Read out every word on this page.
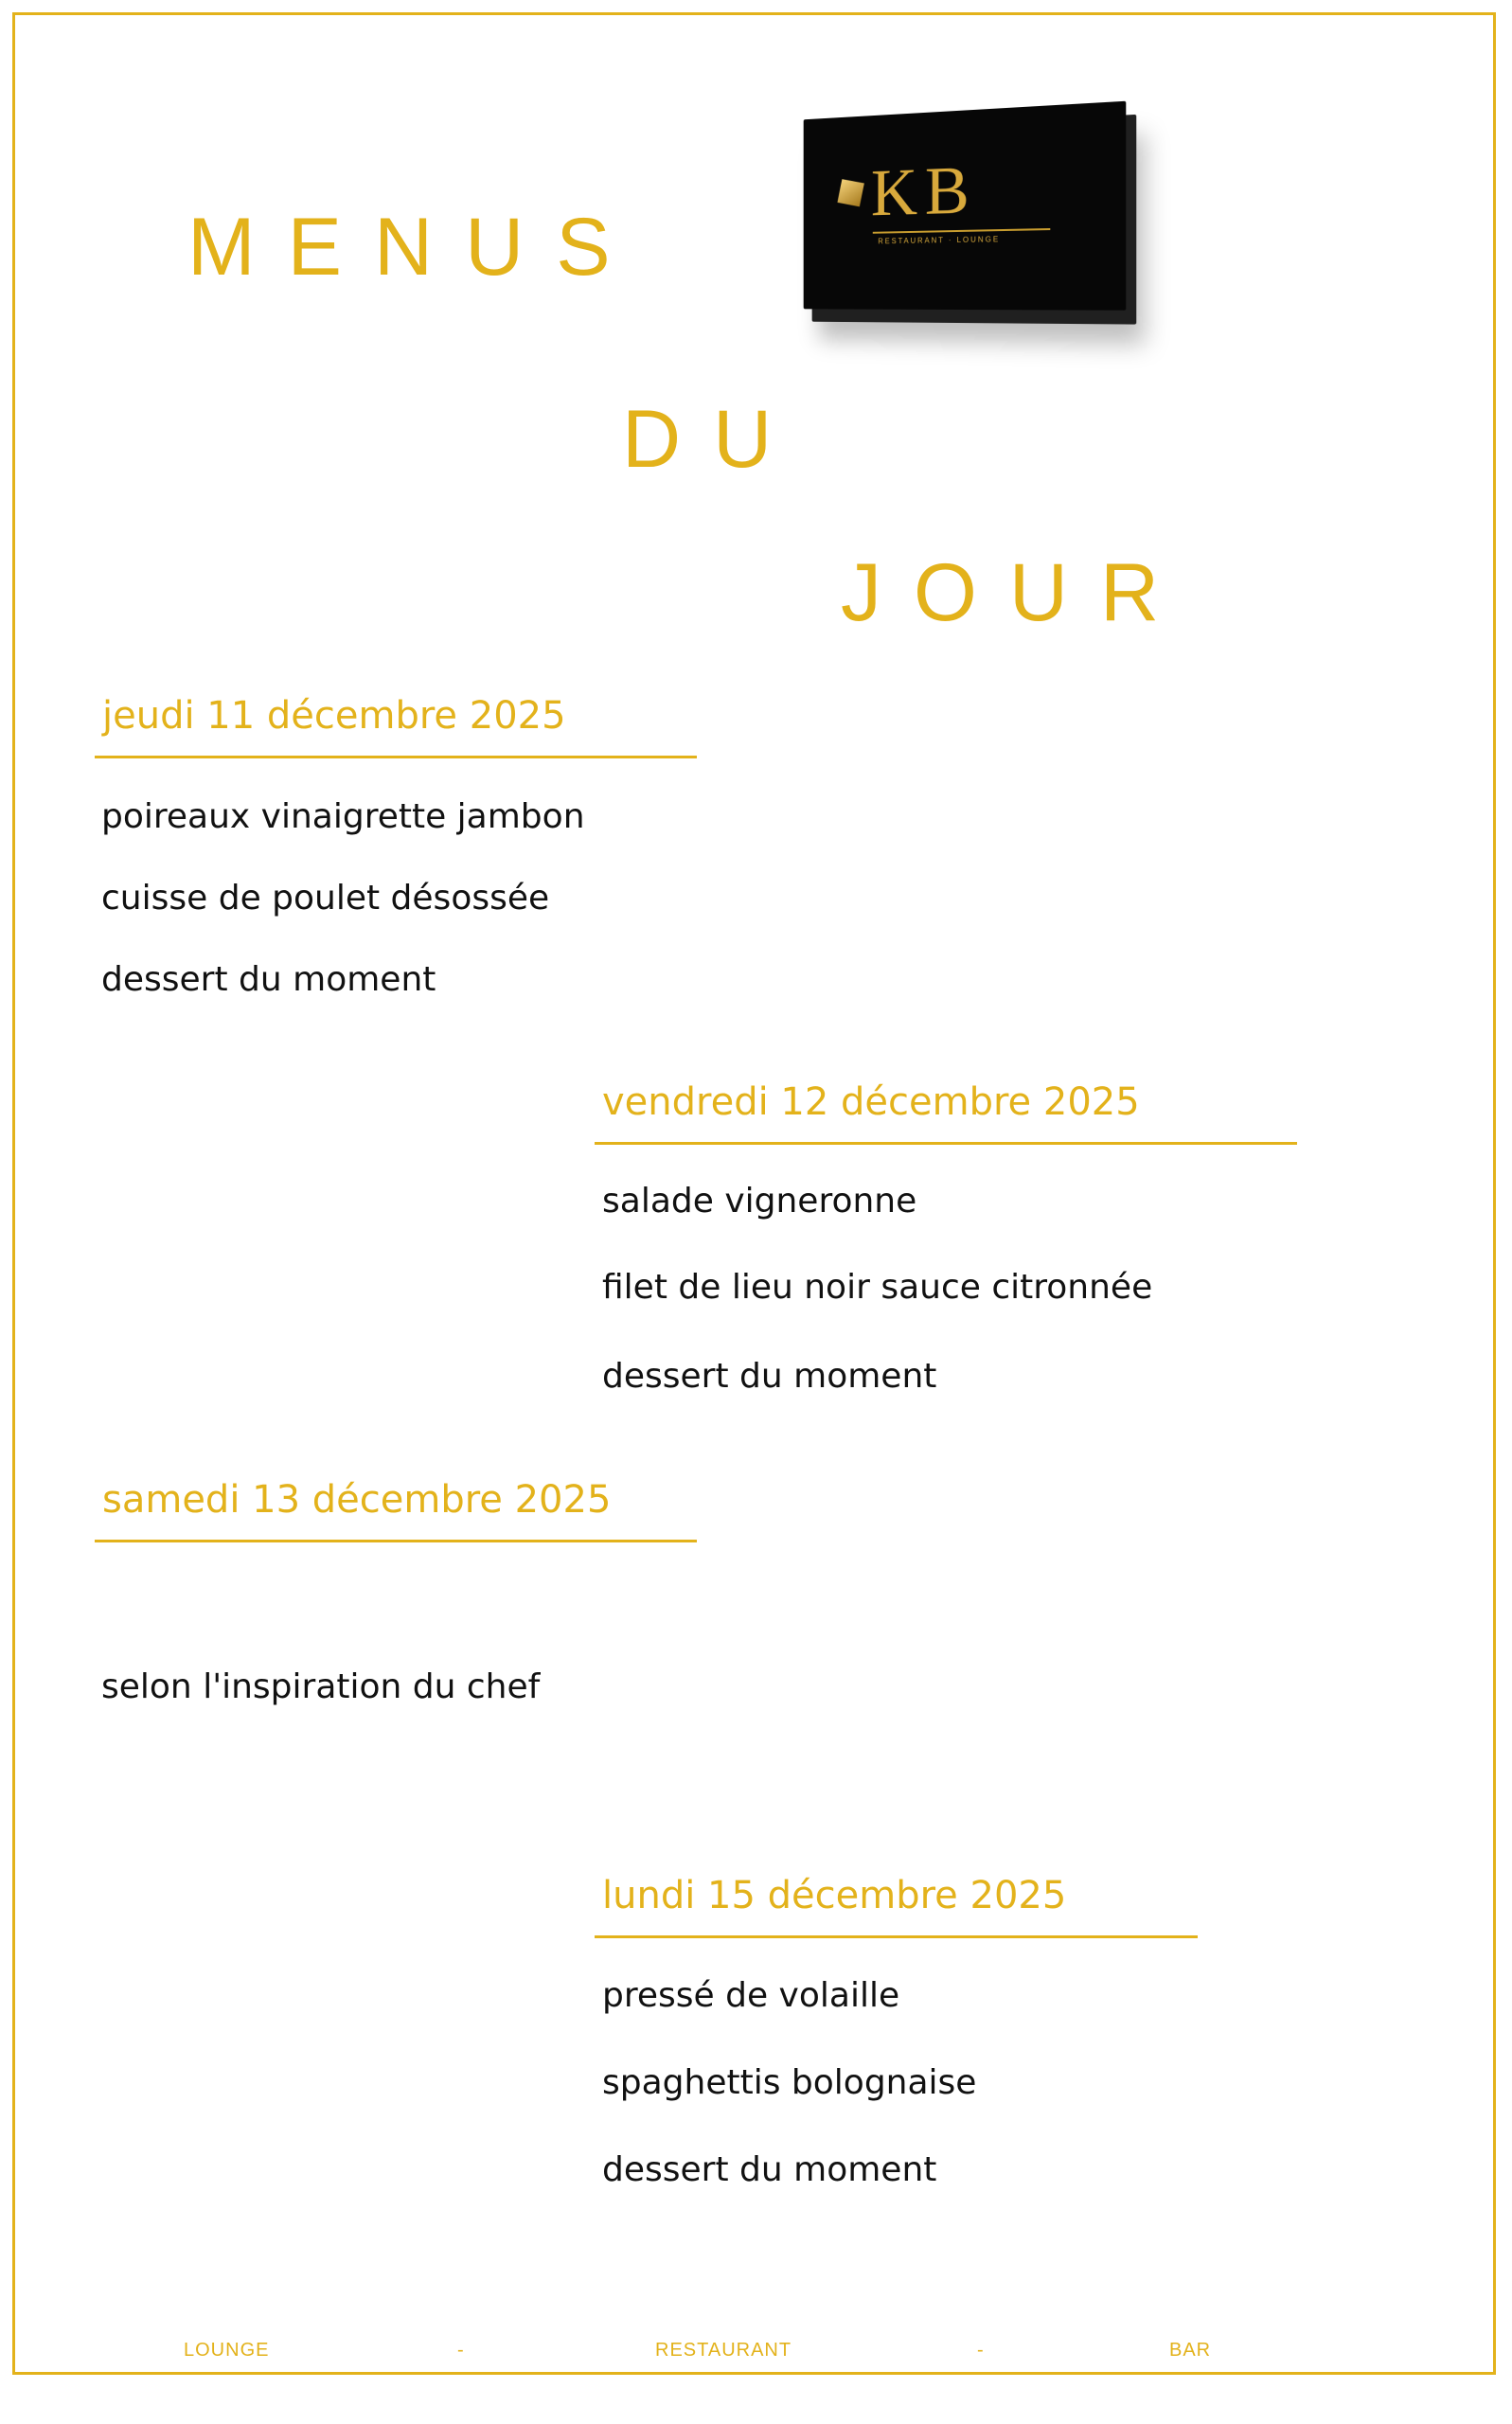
MENUS
DU
JOUR
KB
RESTAURANT · LOUNGE
jeudi 11 décembre 2025
poireaux vinaigrette jambon
cuisse de poulet désossée
dessert du moment
vendredi 12 décembre 2025
salade vigneronne
filet de lieu noir sauce citronnée
dessert du moment
samedi 13 décembre 2025
selon l'inspiration du chef
lundi 15 décembre 2025
pressé de volaille
spaghettis bolognaise
dessert du moment
LOUNGE	-	RESTAURANT	-	BAR
